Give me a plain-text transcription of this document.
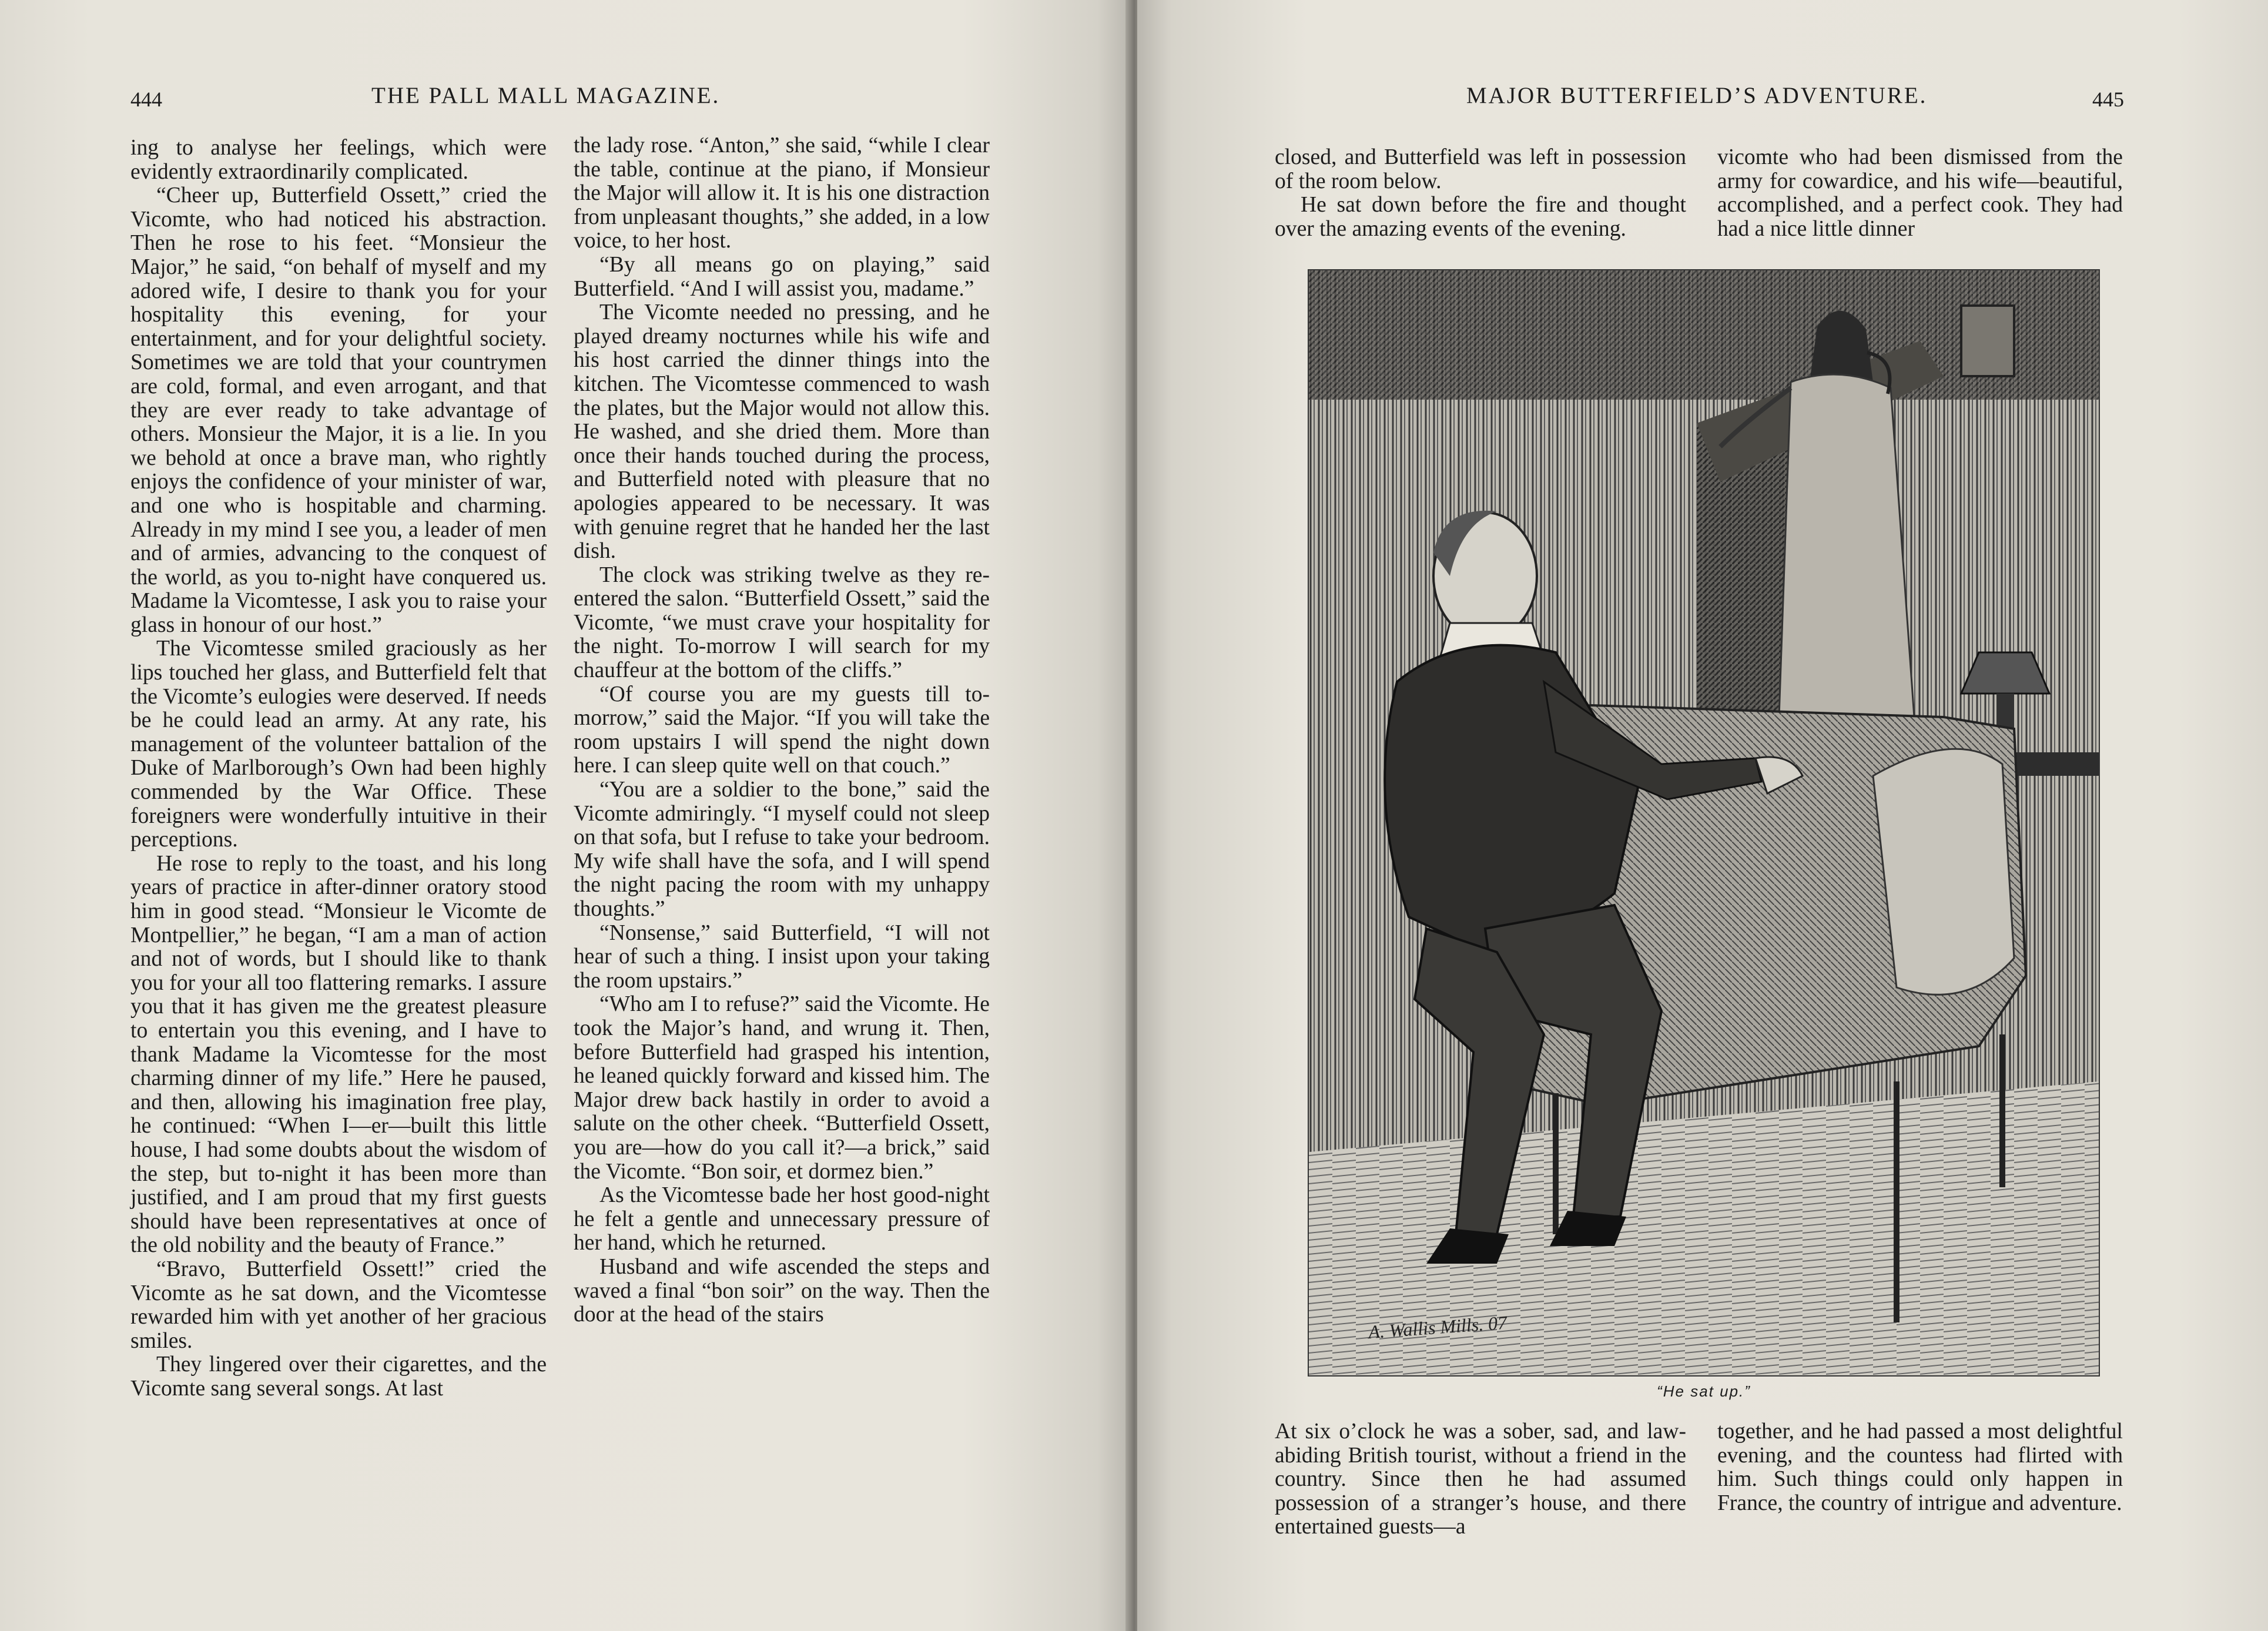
444	THE PALL MALL MAGAZINE.

ing to analyse her feelings, which were evidently extraordinarily complicated.

“Cheer up, Butterfield Ossett,” cried the Vicomte, who had noticed his abstraction. Then he rose to his feet. “Monsieur the Major,” he said, “on behalf of myself and my adored wife, I desire to thank you for your hospitality this evening, for your entertainment, and for your delightful society. Sometimes we are told that your countrymen are cold, formal, and even arrogant, and that they are ever ready to take advantage of others. Monsieur the Major, it is a lie. In you we behold at once a brave man, who rightly enjoys the confidence of your minister of war, and one who is hospitable and charming. Already in my mind I see you, a leader of men and of armies, advancing to the conquest of the world, as you to-night have conquered us. Madame la Vicomtesse, I ask you to raise your glass in honour of our host.”

The Vicomtesse smiled graciously as her lips touched her glass, and Butterfield felt that the Vicomte’s eulogies were deserved. If needs be he could lead an army. At any rate, his management of the volunteer battalion of the Duke of Marlborough’s Own had been highly commended by the War Office. These foreigners were wonderfully intuitive in their perceptions.

He rose to reply to the toast, and his long years of practice in after-dinner oratory stood him in good stead. “Monsieur le Vicomte de Montpellier,” he began, “I am a man of action and not of words, but I should like to thank you for your all too flattering remarks. I assure you that it has given me the greatest pleasure to entertain you this evening, and I have to thank Madame la Vicomtesse for the most charming dinner of my life.” Here he paused, and then, allowing his imagination free play, he continued: “When I—er—built this little house, I had some doubts about the wisdom of the step, but to-night it has been more than justified, and I am proud that my first guests should have been representatives at once of the old nobility and the beauty of France.”

“Bravo, Butterfield Ossett!” cried the Vicomte as he sat down, and the Vicomtesse rewarded him with yet another of her gracious smiles.

They lingered over their cigarettes, and the Vicomte sang several songs. At last

the lady rose. “Anton,” she said, “while I clear the table, continue at the piano, if Monsieur the Major will allow it. It is his one distraction from unpleasant thoughts,” she added, in a low voice, to her host.

“By all means go on playing,” said Butterfield. “And I will assist you, madame.”

The Vicomte needed no pressing, and he played dreamy nocturnes while his wife and his host carried the dinner things into the kitchen. The Vicomtesse commenced to wash the plates, but the Major would not allow this. He washed, and she dried them. More than once their hands touched during the process, and Butterfield noted with pleasure that no apologies appeared to be necessary. It was with genuine regret that he handed her the last dish.

The clock was striking twelve as they re-entered the salon. “Butterfield Ossett,” said the Vicomte, “we must crave your hospitality for the night. To-morrow I will search for my chauffeur at the bottom of the cliffs.”

“Of course you are my guests till to-morrow,” said the Major. “If you will take the room upstairs I will spend the night down here. I can sleep quite well on that couch.”

“You are a soldier to the bone,” said the Vicomte admiringly. “I myself could not sleep on that sofa, but I refuse to take your bedroom. My wife shall have the sofa, and I will spend the night pacing the room with my unhappy thoughts.”

“Nonsense,” said Butterfield, “I will not hear of such a thing. I insist upon your taking the room upstairs.”

“Who am I to refuse?” said the Vicomte. He took the Major’s hand, and wrung it. Then, before Butterfield had grasped his intention, he leaned quickly forward and kissed him. The Major drew back hastily in order to avoid a salute on the other cheek. “Butterfield Ossett, you are—how do you call it?—a brick,” said the Vicomte. “Bon soir, et dormez bien.”

As the Vicomtesse bade her host good-night he felt a gentle and unnecessary pressure of her hand, which he returned.

Husband and wife ascended the steps and waved a final “bon soir” on the way. Then the door at the head of the stairs

MAJOR BUTTERFIELD’S ADVENTURE.	445

closed, and Butterfield was left in possession of the room below.

He sat down before the fire and thought over the amazing events of the evening.

vicomte who had been dismissed from the army for cowardice, and his wife—beautiful, accomplished, and a perfect cook. They had had a nice little dinner

At six o’clock he was a sober, sad, and law-abiding British tourist, without a friend in the country. Since then he had assumed possession of a stranger’s house, and there entertained guests—a

together, and he had passed a most delightful evening, and the countess had flirted with him. Such things could only happen in France, the country of intrigue and adventure.

A. Wallis Mills. 07
“He sat up.”
